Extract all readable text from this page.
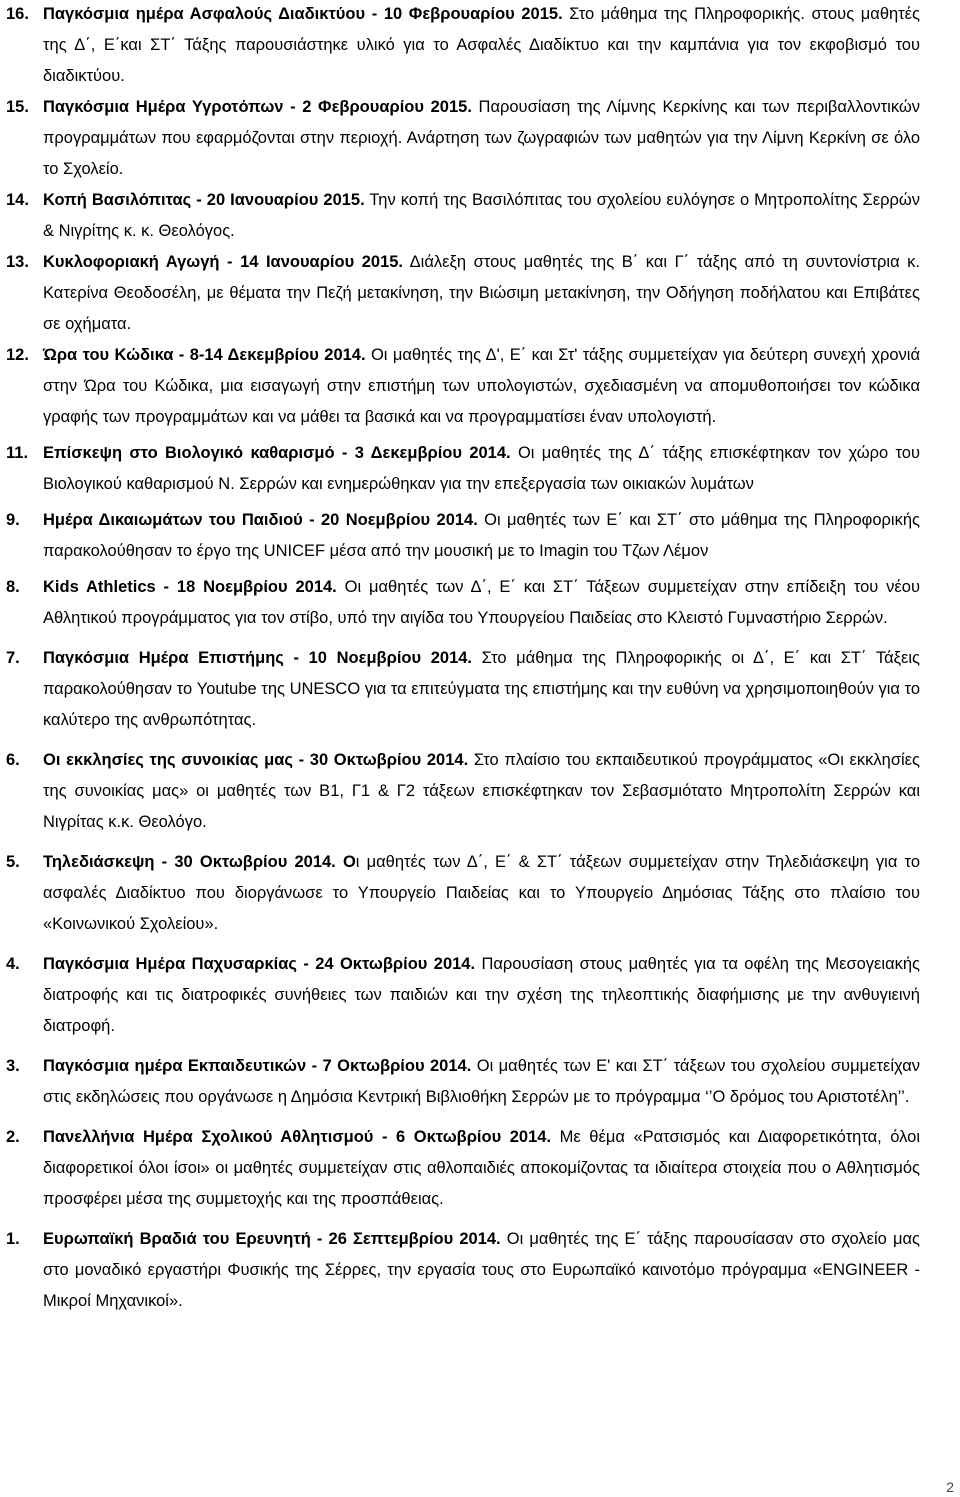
16. Παγκόσμια ημέρα Ασφαλούς Διαδικτύου - 10 Φεβρουαρίου 2015. Στο μάθημα της Πληροφορικής. στους μαθητές της Δ΄, Ε΄και ΣΤ΄ Τάξης παρουσιάστηκε υλικό για το Ασφαλές Διαδίκτυο και την καμπάνια για τον εκφοβισμό του διαδικτύου.
15. Παγκόσμια Ημέρα Υγροτόπων - 2 Φεβρουαρίου 2015. Παρουσίαση της Λίμνης Κερκίνης και των περιβαλλοντικών προγραμμάτων που εφαρμόζονται στην περιοχή. Ανάρτηση των ζωγραφιών των μαθητών για την Λίμνη Κερκίνη σε όλο το Σχολείο.
14. Κοπή Βασιλόπιτας - 20 Ιανουαρίου 2015. Την κοπή της Βασιλόπιτας του σχολείου ευλόγησε ο Μητροπολίτης Σερρών & Νιγρίτης κ. κ. Θεολόγος.
13. Κυκλοφοριακή Αγωγή - 14 Ιανουαρίου 2015. Διάλεξη στους μαθητές της Β΄ και Γ΄ τάξης από τη συντονίστρια κ. Κατερίνα Θεοδοσέλη, με θέματα την Πεζή μετακίνηση, την Βιώσιμη μετακίνηση, την Οδήγηση ποδήλατου και Επιβάτες σε οχήματα.
12. Ώρα του Κώδικα - 8-14 Δεκεμβρίου 2014. Οι μαθητές της Δ', Ε΄ και Στ' τάξης συμμετείχαν για δεύτερη συνεχή χρονιά στην Ώρα του Κώδικα, μια εισαγωγή στην επιστήμη των υπολογιστών, σχεδιασμένη να απομυθοποιήσει τον κώδικα γραφής των προγραμμάτων και να μάθει τα βασικά και να προγραμματίσει έναν υπολογιστή.
11. Επίσκεψη στο Βιολογικό καθαρισμό - 3 Δεκεμβρίου 2014. Οι μαθητές της Δ΄ τάξης επισκέφτηκαν τον χώρο του Βιολογικού καθαρισμού Ν. Σερρών και ενημερώθηκαν για την επεξεργασία των οικιακών λυμάτων
9.	Ημέρα Δικαιωμάτων του Παιδιού - 20 Νοεμβρίου 2014. Οι μαθητές των Ε΄ και ΣΤ΄ στο μάθημα της Πληροφορικής παρακολούθησαν το έργο της UNICEF μέσα από την μουσική με το Imagin του Τζων Λέμον
8.	Kids Athletics - 18 Νοεμβρίου 2014. Οι μαθητές των Δ΄, Ε΄ και ΣΤ΄ Τάξεων συμμετείχαν στην επίδειξη του νέου Αθλητικού προγράμματος για τον στίβο, υπό την αιγίδα του Υπουργείου Παιδείας στο Κλειστό Γυμναστήριο Σερρών.
7.	Παγκόσμια Ημέρα Επιστήμης - 10 Νοεμβρίου 2014. Στο μάθημα της Πληροφορικής οι Δ΄, Ε΄ και ΣΤ΄ Τάξεις παρακολούθησαν το Youtube της UNESCO για τα επιτεύγματα της επιστήμης και την ευθύνη να χρησιμοποιηθούν για το καλύτερο της ανθρωπότητας.
6.	Οι εκκλησίες της συνοικίας μας - 30 Οκτωβρίου 2014. Στο πλαίσιο του εκπαιδευτικού προγράμματος «Οι εκκλησίες της συνοικίας μας» οι μαθητές των Β1, Γ1 & Γ2 τάξεων επισκέφτηκαν τον Σεβασμιότατο Μητροπολίτη Σερρών και Νιγρίτας κ.κ. Θεολόγο.
5.	Τηλεδιάσκεψη - 30 Οκτωβρίου 2014. Οι μαθητές των Δ΄, Ε΄ & ΣΤ΄ τάξεων συμμετείχαν στην Τηλεδιάσκεψη για το ασφαλές Διαδίκτυο που διοργάνωσε το Υπουργείο Παιδείας και το Υπουργείο Δημόσιας Τάξης στο πλαίσιο του «Κοινωνικού Σχολείου».
4.	Παγκόσμια Ημέρα Παχυσαρκίας - 24 Οκτωβρίου 2014. Παρουσίαση στους μαθητές για τα οφέλη της Μεσογειακής διατροφής και τις διατροφικές συνήθειες των παιδιών και την σχέση της τηλεοπτικής διαφήμισης με την ανθυγιεινή διατροφή.
3.	Παγκόσμια ημέρα Εκπαιδευτικών - 7 Οκτωβρίου 2014. Οι μαθητές των Ε' και ΣΤ΄ τάξεων του σχολείου συμμετείχαν στις εκδηλώσεις που οργάνωσε η Δημόσια Κεντρική Βιβλιοθήκη Σερρών με το πρόγραμμα ‘’Ο δρόμος του Αριστοτέλη’’.
2.	Πανελλήνια Ημέρα Σχολικού Αθλητισμού - 6 Οκτωβρίου 2014. Με θέμα «Ρατσισμός και Διαφορετικότητα, όλοι διαφορετικοί όλοι ίσοι» οι μαθητές συμμετείχαν στις αθλοπαιδιές αποκομίζοντας τα ιδιαίτερα στοιχεία που ο Αθλητισμός προσφέρει μέσα της συμμετοχής και της προσπάθειας.
1.	Ευρωπαϊκή Βραδιά του Ερευνητή - 26 Σεπτεμβρίου 2014. Οι μαθητές της Ε΄ τάξης παρουσίασαν στο σχολείο μας στο μοναδικό εργαστήρι Φυσικής της Σέρρες, την εργασία τους στο Ευρωπαϊκό καινοτόμο πρόγραμμα «ENGINEER - Μικροί Μηχανικοί».
2
